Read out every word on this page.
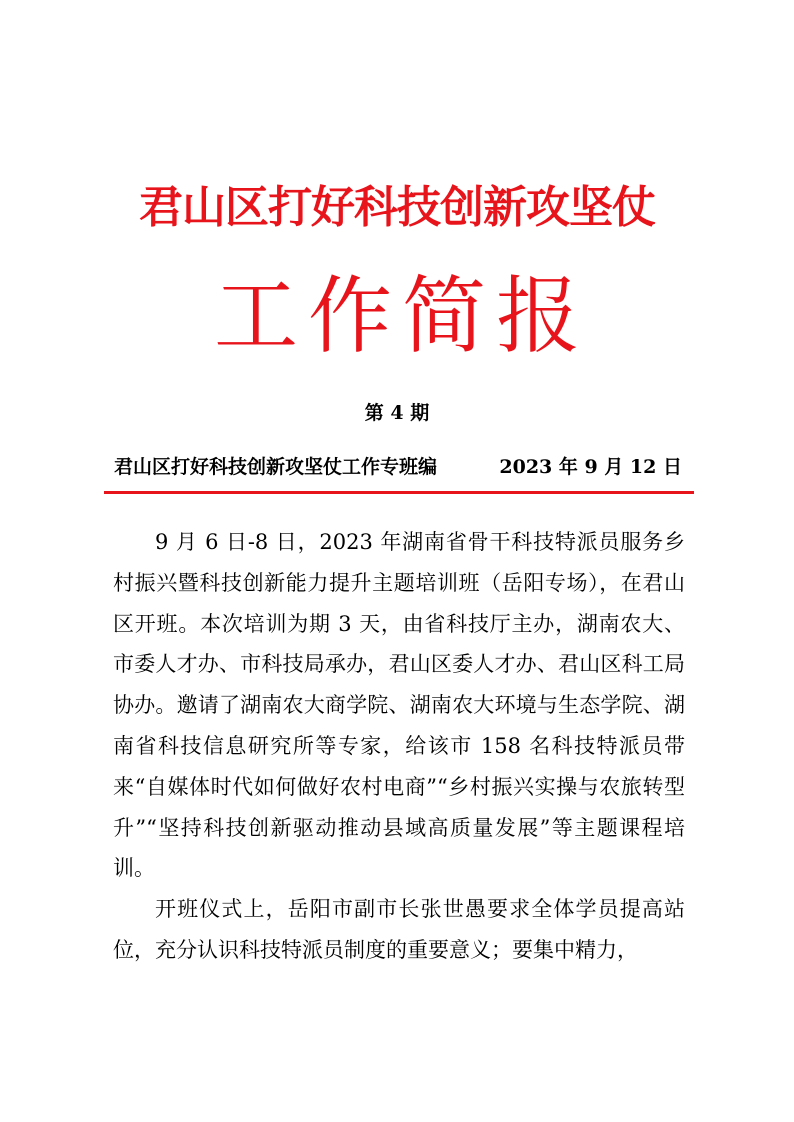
君山区打好科技创新攻坚仗
工作简报
第 4 期
君山区打好科技创新攻坚仗工作专班编	2023 年 9 月 12 日

9 月 6 日-8 日，2023 年湖南省骨干科技特派员服务乡村振兴暨科技创新能力提升主题培训班（岳阳专场），在君山区开班。本次培训为期 3 天，由省科技厅主办，湖南农大、市委人才办、市科技局承办，君山区委人才办、君山区科工局协办。邀请了湖南农大商学院、湖南农大环境与生态学院、湖南省科技信息研究所等专家，给该市 158 名科技特派员带来“自媒体时代如何做好农村电商”“乡村振兴实操与农旅转型升”“坚持科技创新驱动推动县域高质量发展”等主题课程培训。

开班仪式上，岳阳市副市长张世愚要求全体学员提高站位，充分认识科技特派员制度的重要意义；要集中精力，
